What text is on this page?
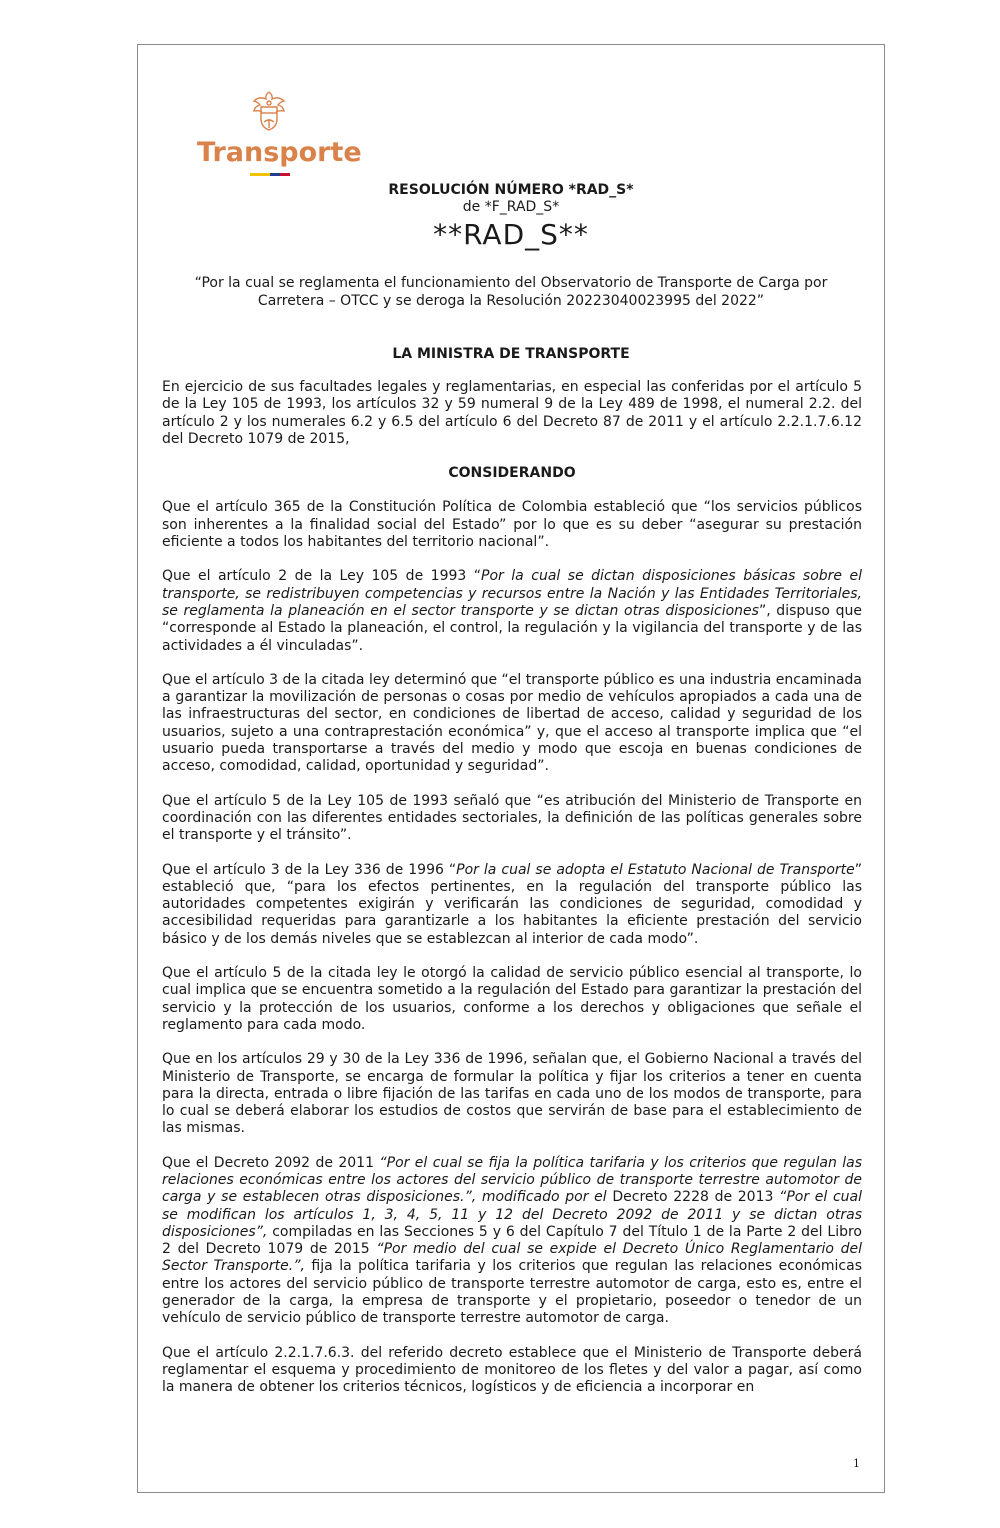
Transporte
RESOLUCIÓN NÚMERO *RAD_S*
de *F_RAD_S*
**RAD_S**
“Por la cual se reglamenta el funcionamiento del Observatorio de Transporte de Carga por Carretera – OTCC y se deroga la Resolución 20223040023995 del 2022”
LA MINISTRA DE TRANSPORTE

En ejercicio de sus facultades legales y reglamentarias, en especial las conferidas por el artículo 5 de la Ley 105 de 1993, los artículos 32 y 59 numeral 9 de la Ley 489 de 1998, el numeral 2.2. del artículo 2 y los numerales 6.2 y 6.5 del artículo 6 del Decreto 87 de 2011 y el artículo 2.2.1.7.6.12 del Decreto 1079 de 2015,

CONSIDERANDO

Que el artículo 365 de la Constitución Política de Colombia estableció que “los servicios públicos son inherentes a la finalidad social del Estado” por lo que es su deber “asegurar su prestación eficiente a todos los habitantes del territorio nacional”.

Que el artículo 2 de la Ley 105 de 1993 “Por la cual se dictan disposiciones básicas sobre el transporte, se redistribuyen competencias y recursos entre la Nación y las Entidades Territoriales, se reglamenta la planeación en el sector transporte y se dictan otras disposiciones”, dispuso que “corresponde al Estado la planeación, el control, la regulación y la vigilancia del transporte y de las actividades a él vinculadas”.

Que el artículo 3 de la citada ley determinó que “el transporte público es una industria encaminada a garantizar la movilización de personas o cosas por medio de vehículos apropiados a cada una de las infraestructuras del sector, en condiciones de libertad de acceso, calidad y seguridad de los usuarios, sujeto a una contraprestación económica” y, que el acceso al transporte implica que “el usuario pueda transportarse a través del medio y modo que escoja en buenas condiciones de acceso, comodidad, calidad, oportunidad y seguridad”.

Que el artículo 5 de la Ley 105 de 1993 señaló que “es atribución del Ministerio de Transporte en coordinación con las diferentes entidades sectoriales, la definición de las políticas generales sobre el transporte y el tránsito”.

Que el artículo 3 de la Ley 336 de 1996 “Por la cual se adopta el Estatuto Nacional de Transporte” estableció que, “para los efectos pertinentes, en la regulación del transporte público las autoridades competentes exigirán y verificarán las condiciones de seguridad, comodidad y accesibilidad requeridas para garantizarle a los habitantes la eficiente prestación del servicio básico y de los demás niveles que se establezcan al interior de cada modo”.

Que el artículo 5 de la citada ley le otorgó la calidad de servicio público esencial al transporte, lo cual implica que se encuentra sometido a la regulación del Estado para garantizar la prestación del servicio y la protección de los usuarios, conforme a los derechos y obligaciones que señale el reglamento para cada modo.

Que en los artículos 29 y 30 de la Ley 336 de 1996, señalan que, el Gobierno Nacional a través del Ministerio de Transporte, se encarga de formular la política y fijar los criterios a tener en cuenta para la directa, entrada o libre fijación de las tarifas en cada uno de los modos de transporte, para lo cual se deberá elaborar los estudios de costos que servirán de base para el establecimiento de las mismas.

Que el Decreto 2092 de 2011 “Por el cual se fija la política tarifaria y los criterios que regulan las relaciones económicas entre los actores del servicio público de transporte terrestre automotor de carga y se establecen otras disposiciones.”, modificado por el Decreto 2228 de 2013 “Por el cual se modifican los artículos 1, 3, 4, 5, 11 y 12 del Decreto 2092 de 2011 y se dictan otras disposiciones”, compiladas en las Secciones 5 y 6 del Capítulo 7 del Título 1 de la Parte 2 del Libro 2 del Decreto 1079 de 2015 “Por medio del cual se expide el Decreto Único Reglamentario del Sector Transporte.”, fija la política tarifaria y los criterios que regulan las relaciones económicas entre los actores del servicio público de transporte terrestre automotor de carga, esto es, entre el generador de la carga, la empresa de transporte y el propietario, poseedor o tenedor de un vehículo de servicio público de transporte terrestre automotor de carga.

Que el artículo 2.2.1.7.6.3. del referido decreto establece que el Ministerio de Transporte deberá reglamentar el esquema y procedimiento de monitoreo de los fletes y del valor a pagar, así como la manera de obtener los criterios técnicos, logísticos y de eficiencia a incorporar en

1
